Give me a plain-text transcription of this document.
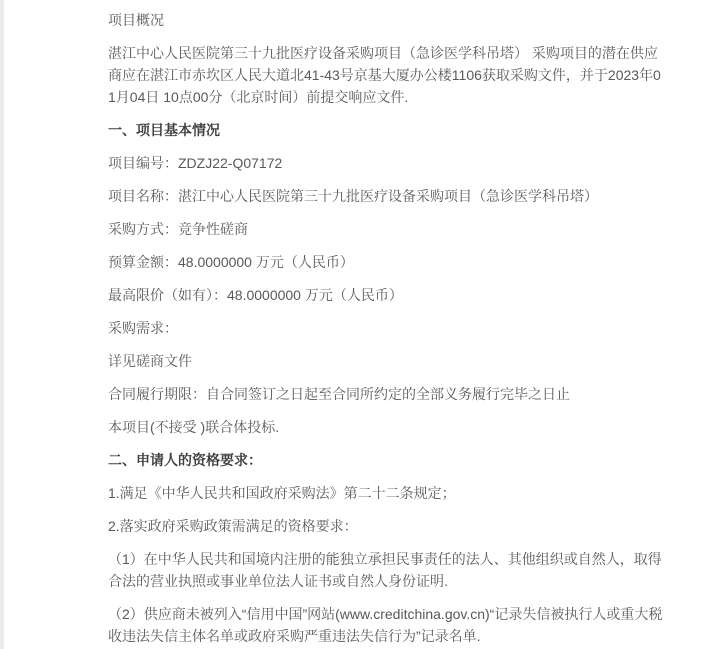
项目概况

湛江中心人民医院第三十九批医疗设备采购项目（急诊医学科吊塔） 采购项目的潜在供应商应在湛江市赤坎区人民大道北41-43号京基大厦办公楼1106获取采购文件，并于2023年01月04日 10点00分（北京时间）前提交响应文件.

一、项目基本情况

项目编号：ZDZJ22-Q07172

项目名称：湛江中心人民医院第三十九批医疗设备采购项目（急诊医学科吊塔）

采购方式：竞争性磋商

预算金额：48.0000000 万元（人民币）

最高限价（如有）：48.0000000 万元（人民币）

采购需求：

详见磋商文件

合同履行期限：自合同签订之日起至合同所约定的全部义务履行完毕之日止

本项目(不接受 )联合体投标.

二、申请人的资格要求：

1.满足《中华人民共和国政府采购法》第二十二条规定；

2.落实政府采购政策需满足的资格要求：

（1）在中华人民共和国境内注册的能独立承担民事责任的法人、其他组织或自然人，取得合法的营业执照或事业单位法人证书或自然人身份证明.

（2）供应商未被列入“信用中国”网站(www.creditchina.gov.cn)“记录失信被执行人或重大税收违法失信主体名单或政府采购严重违法失信行为”记录名单.
